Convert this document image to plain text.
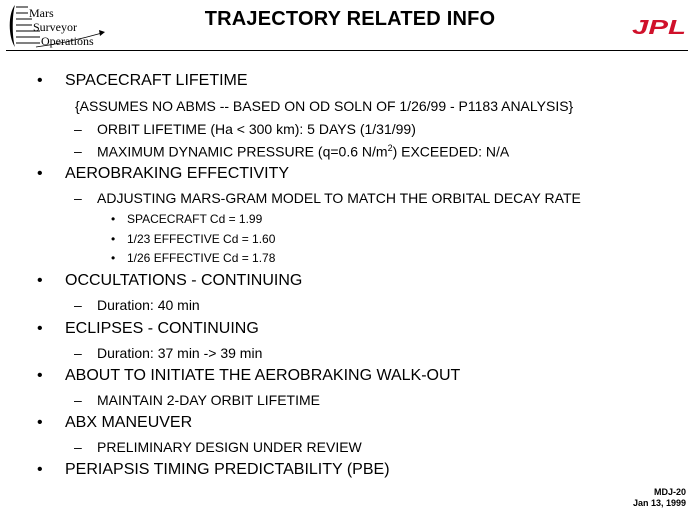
Mars
Surveyor
Operations
TRAJECTORY RELATED INFO	JPL
• SPACECRAFT LIFETIME
{ASSUMES NO ABMS -- BASED ON OD SOLN OF 1/26/99 - P1183 ANALYSIS}
– ORBIT LIFETIME (Ha < 300 km): 5 DAYS (1/31/99)
– MAXIMUM DYNAMIC PRESSURE (q=0.6 $N/m^2$) EXCEEDED: N/A
• AEROBRAKING EFFECTIVITY
– ADJUSTING MARS-GRAM MODEL TO MATCH THE ORBITAL DECAY RATE
• SPACECRAFT Cd = 1.99
• 1/23 EFFECTIVE Cd = 1.60
• 1/26 EFFECTIVE Cd = 1.78
• OCCULTATIONS - CONTINUING
– Duration: 40 min
• ECLIPSES - CONTINUING
– Duration: 37 min -> 39 min
• ABOUT TO INITIATE THE AEROBRAKING WALK-OUT
– MAINTAIN 2-DAY ORBIT LIFETIME
• ABX MANEUVER
– PRELIMINARY DESIGN UNDER REVIEW
• PERIAPSIS TIMING PREDICTABILITY (PBE)
MDJ-20
Jan 13, 1999
